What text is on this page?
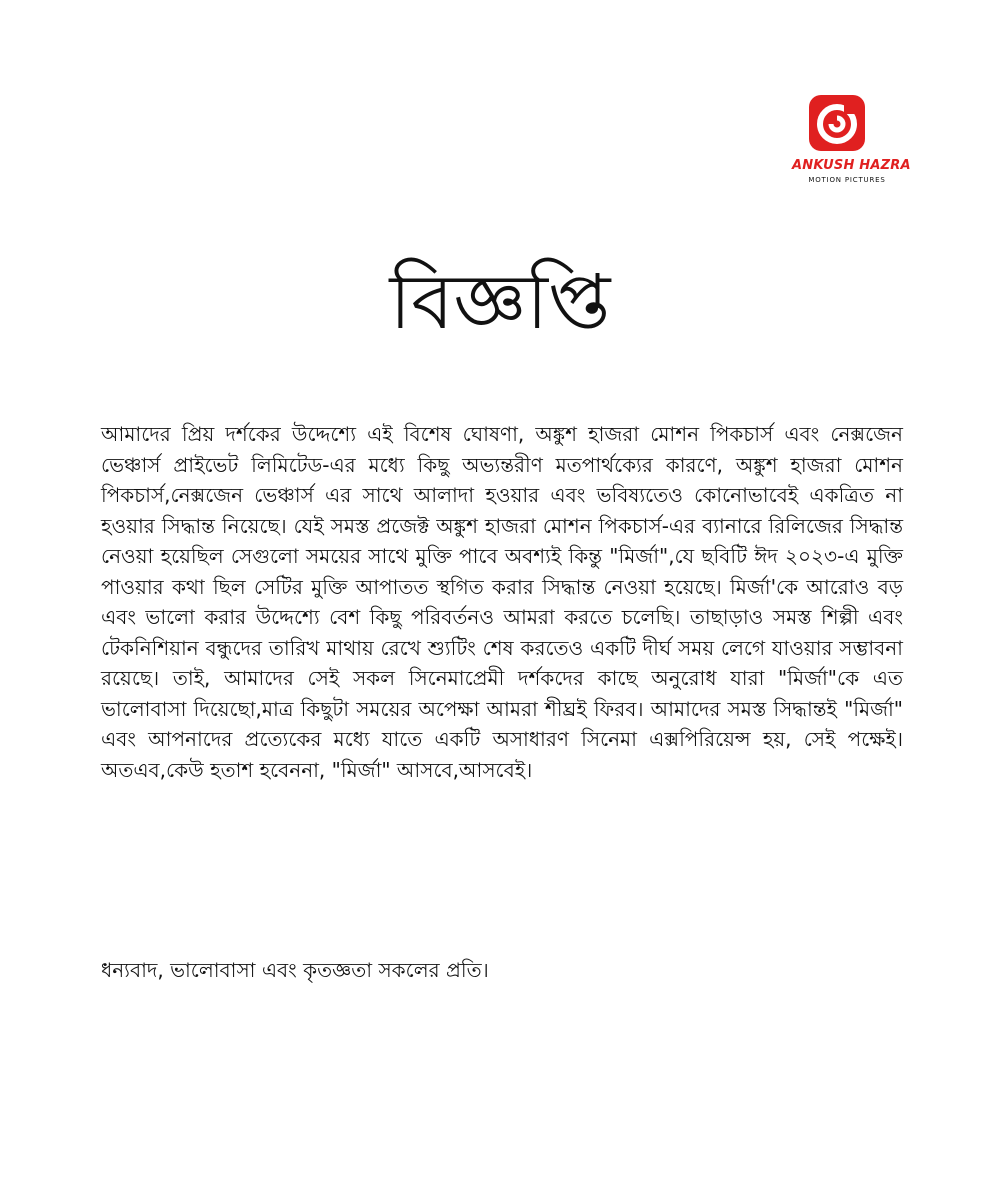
ANKUSH HAZRA
MOTION PICTURES
বিজ্ঞপ্তি

আমাদের প্রিয় দর্শকের উদ্দেশ্যে এই বিশেষ ঘোষণা, অঙ্কুশ হাজরা মোশন পিকচার্স এবং নেক্সজেন ভেঞ্চার্স প্রাইভেট লিমিটেড-এর মধ্যে কিছু অভ্যন্তরীণ মতপার্থক্যের কারণে, অঙ্কুশ হাজরা মোশন পিকচার্স,নেক্সজেন ভেঞ্চার্স এর সাথে আলাদা হওয়ার এবং ভবিষ্যতেও কোনোভাবেই একত্রিত না হওয়ার সিদ্ধান্ত নিয়েছে। যেই সমস্ত প্রজেক্ট অঙ্কুশ হাজরা মোশন পিকচার্স-এর ব্যানারে রিলিজের সিদ্ধান্ত নেওয়া হয়েছিল সেগুলো সময়ের সাথে মুক্তি পাবে অবশ্যই কিন্তু "মির্জা",যে ছবিটি ঈদ ২০২৩-এ মুক্তি পাওয়ার কথা ছিল সেটির মুক্তি আপাতত স্থগিত করার সিদ্ধান্ত নেওয়া হয়েছে। মির্জা'কে আরোও বড় এবং ভালো করার উদ্দেশ্যে বেশ কিছু পরিবর্তনও আমরা করতে চলেছি। তাছাড়াও সমস্ত শিল্পী এবং টেকনিশিয়ান বন্ধুদের তারিখ মাথায় রেখে শ্যুটিং শেষ করতেও একটি দীর্ঘ সময় লেগে যাওয়ার সম্ভাবনা রয়েছে। তাই, আমাদের সেই সকল সিনেমাপ্রেমী দর্শকদের কাছে অনুরোধ যারা "মির্জা"কে এত ভালোবাসা দিয়েছো,মাত্র কিছুটা সময়ের অপেক্ষা আমরা শীঘ্রই ফিরব। আমাদের সমস্ত সিদ্ধান্তই "মির্জা" এবং আপনাদের প্রত্যেকের মধ্যে যাতে একটি অসাধারণ সিনেমা এক্সপিরিয়েন্স হয়, সেই পক্ষেই। অতএব,কেউ হতাশ হবেননা, "মির্জা" আসবে,আসবেই।

ধন্যবাদ, ভালোবাসা এবং কৃতজ্ঞতা সকলের প্রতি।
